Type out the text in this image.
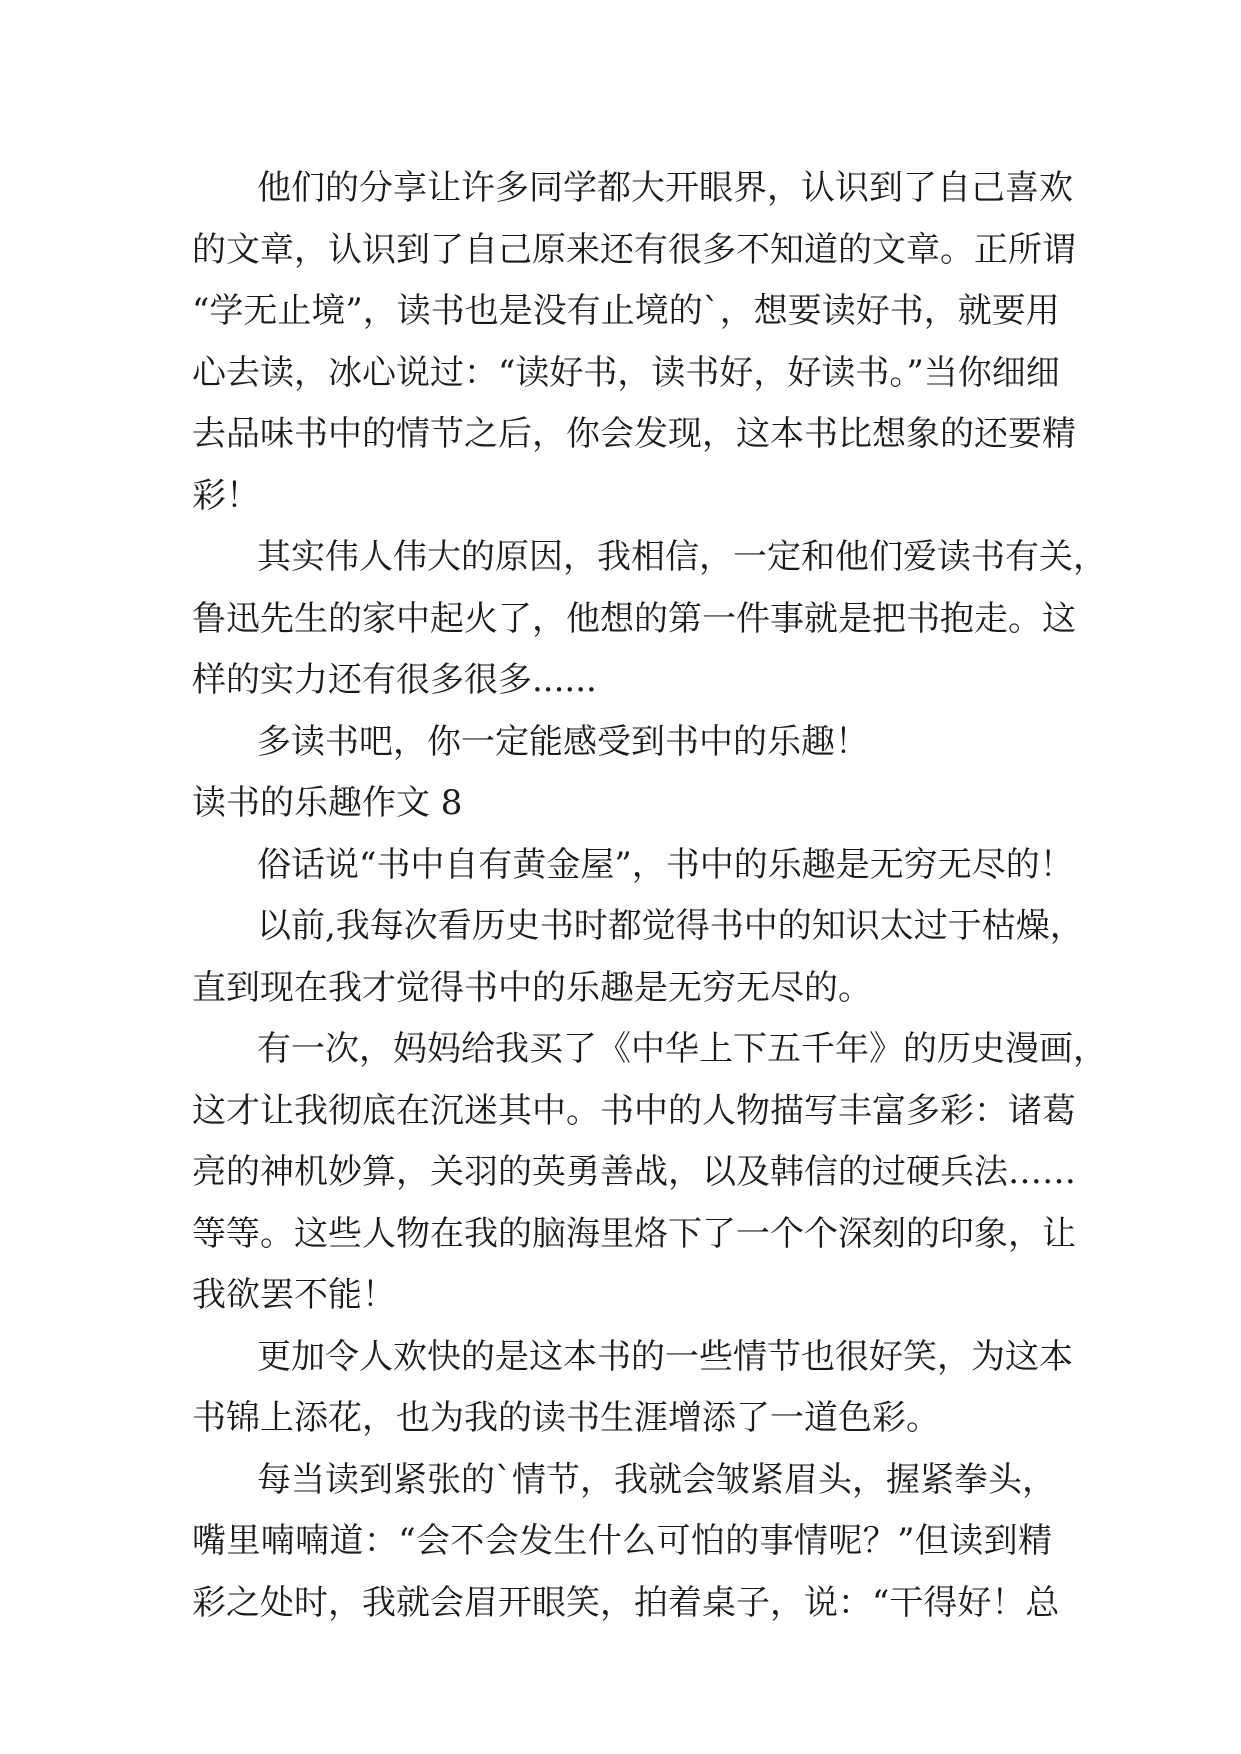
他们的分享让许多同学都大开眼界，认识到了自己喜欢
的文章，认识到了自己原来还有很多不知道的文章。正所谓
“学无止境”，读书也是没有止境的`，想要读好书，就要用
心去读，冰心说过：“读好书，读书好，好读书。”当你细细
去品味书中的情节之后，你会发现，这本书比想象的还要精
彩！
其实伟人伟大的原因，我相信，一定和他们爱读书有关，
鲁迅先生的家中起火了，他想的第一件事就是把书抱走。这
样的实力还有很多很多......
多读书吧，你一定能感受到书中的乐趣！
读书的乐趣作文 8
俗话说“书中自有黄金屋”，书中的乐趣是无穷无尽的！
以前,我每次看历史书时都觉得书中的知识太过于枯燥，
直到现在我才觉得书中的乐趣是无穷无尽的。
有一次，妈妈给我买了《中华上下五千年》的历史漫画，
这才让我彻底在沉迷其中。书中的人物描写丰富多彩：诸葛
亮的神机妙算，关羽的英勇善战，以及韩信的过硬兵法……
等等。这些人物在我的脑海里烙下了一个个深刻的印象，让
我欲罢不能！
更加令人欢快的是这本书的一些情节也很好笑，为这本
书锦上添花，也为我的读书生涯增添了一道色彩。
每当读到紧张的`情节，我就会皱紧眉头，握紧拳头，
嘴里喃喃道：“会不会发生什么可怕的事情呢？”但读到精
彩之处时，我就会眉开眼笑，拍着桌子，说：“干得好！总
